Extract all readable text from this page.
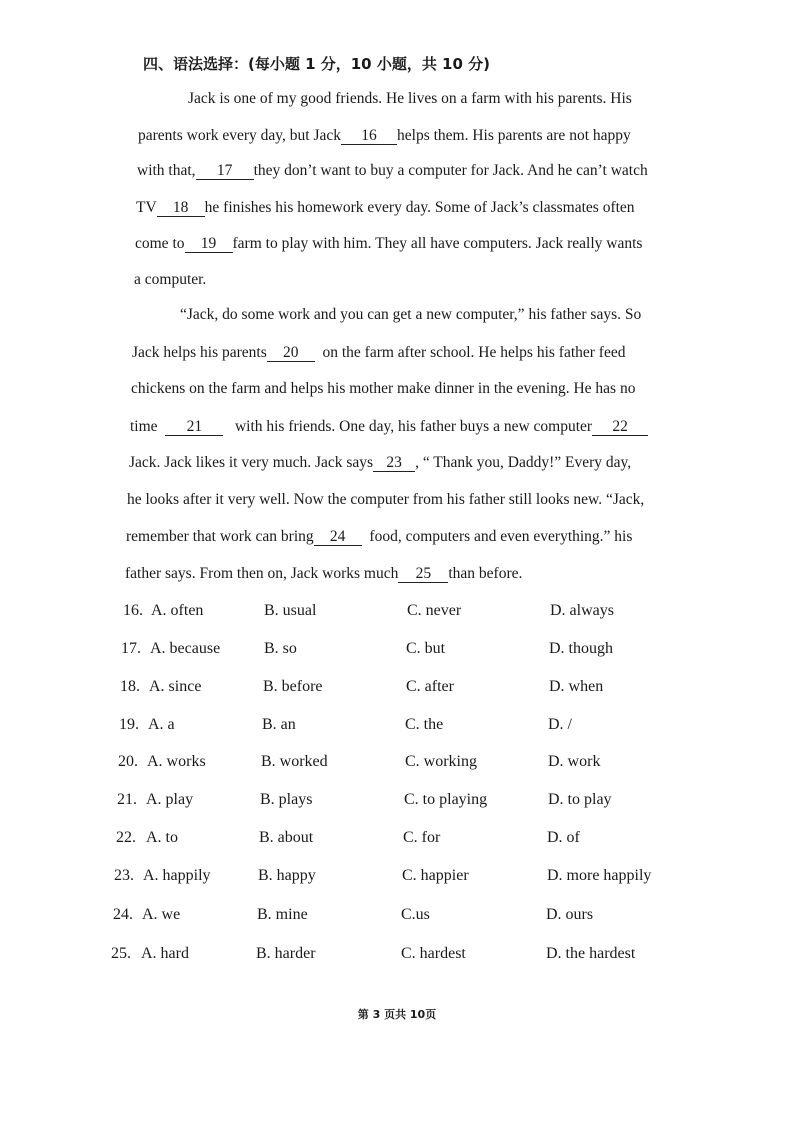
四、语法选择：(每小题 1 分，10 小题，共 10 分)
Jack is one of my good friends. He lives on a farm with his parents. His
parents work every day, but Jack 16 helps them. His parents are not happy
with that, 17 they don’t want to buy a computer for Jack. And he can’t watch
TV 18 he finishes his homework every day. Some of Jack’s classmates often
come to 19 farm to play with him. They all have computers. Jack really wants
a computer.
“Jack, do some work and you can get a new computer,” his father says. So
Jack helps his parents 20 on the farm after school. He helps his father feed
chickens on the farm and helps his mother make dinner in the evening. He has no
time 21 with his friends. One day, his father buys a new computer 22
Jack. Jack likes it very much. Jack says 23 , “ Thank you, Daddy!” Every day,
he looks after it very well. Now the computer from his father still looks new. “Jack,
remember that work can bring 24 food, computers and even everything.” his
father says. From then on, Jack works much 25 than before.
16. A. often	B. usual	C. never	D. always
17. A. because	B. so	C. but	D. though
18. A. since	B. before	C. after	D. when
19. A. a	B. an	C. the	D. /
20. A. works	B. worked	C. working	D. work
21. A. play	B. plays	C. to playing	D. to play
22. A. to	B. about	C. for	D. of
23. A. happily	B. happy	C. happier	D. more happily
24. A. we	B. mine	C.us	D. ours
25. A. hard	B. harder	C. hardest	D. the hardest
第 3 页共 10页
